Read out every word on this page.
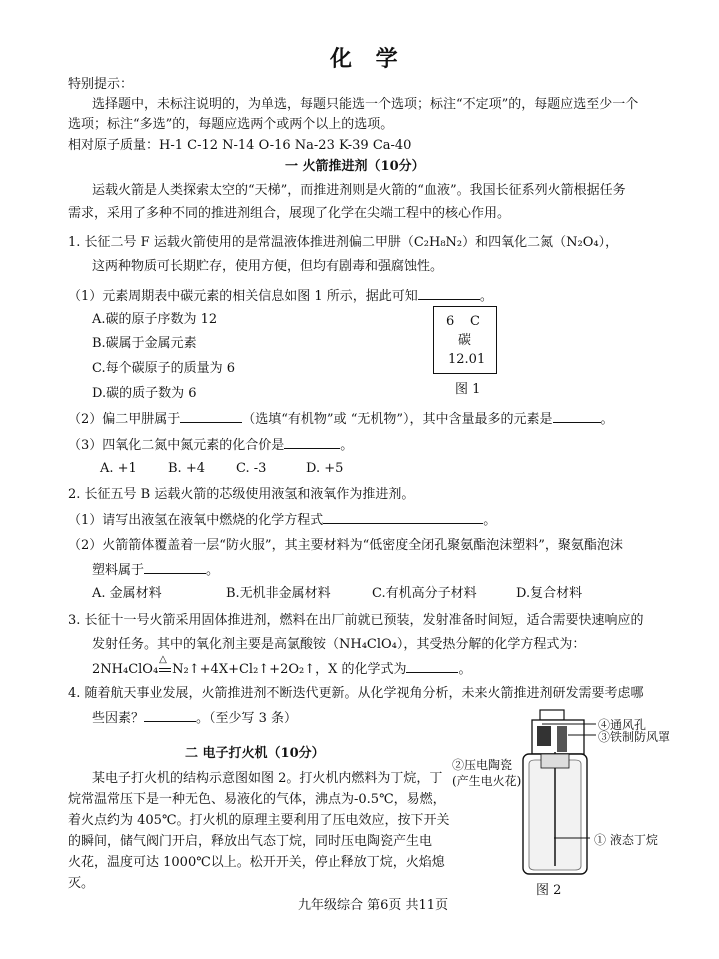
化 学
特别提示：
选择题中，未标注说明的，为单选，每题只能选一个选项；标注“不定项”的，每题应选至少一个
选项；标注“多选”的，每题应选两个或两个以上的选项。
相对原子质量：H-1 C-12 N-14 O-16 Na-23 K-39 Ca-40
一 火箭推进剂（10分）
运载火箭是人类探索太空的“天梯”，而推进剂则是火箭的“血液”。我国长征系列火箭根据任务
需求，采用了多种不同的推进剂组合，展现了化学在尖端工程中的核心作用。
1. 长征二号 F 运载火箭使用的是常温液体推进剂偏二甲肼（C₂H₈N₂）和四氧化二氮（N₂O₄），
这两种物质可长期贮存，使用方便，但均有剧毒和强腐蚀性。
（1）元素周期表中碳元素的相关信息如图 1 所示，据此可知	。
A.碳的原子序数为 12
B.碳属于金属元素
C.每个碳原子的质量为 6
D.碳的质子数为 6
6 C
碳
12.01
图 1
（2）偏二甲肼属于	（选填“有机物”或 “无机物”），其中含量最多的元素是	。
（3）四氧化二氮中氮元素的化合价是	。
A. +1 B. +4 C. -3	D. +5
2. 长征五号 B 运载火箭的芯级使用液氢和液氧作为推进剂。
（1）请写出液氢在液氧中燃烧的化学方程式	。
（2）火箭箭体覆盖着一层“防火服”，其主要材料为“低密度全闭孔聚氨酯泡沫塑料”，聚氨酯泡沫
塑料属于	。
A. 金属材料	B.无机非金属材料	C.有机高分子材料	D.复合材料
3. 长征十一号火箭采用固体推进剂，燃料在出厂前就已预装，发射准备时间短，适合需要快速响应的
发射任务。其中的氧化剂主要是高氯酸铵（NH₄ClO₄），其受热分解的化学方程式为：
2NH₄ClO₄
△
N₂↑+4X+Cl₂↑+2O₂↑，X 的化学式为	。
4. 随着航天事业发展，火箭推进剂不断迭代更新。从化学视角分析，未来火箭推进剂研发需要考虑哪
些因素？	。（至少写 3 条）
二 电子打火机（10分）
某电子打火机的结构示意图如图 2。打火机内燃料为丁烷，丁
烷常温常压下是一种无色、易液化的气体，沸点为-0.5℃，易燃，
着火点约为 405℃。打火机的原理主要利用了压电效应，按下开关
的瞬间，储气阀门开启，释放出气态丁烷，同时压电陶瓷产生电
火花，温度可达 1000℃以上。松开开关，停止释放丁烷，火焰熄
灭。
④通风孔
③铁制防风罩
②压电陶瓷
(产生电火花)
① 液态丁烷
图 2
九年级综合 第6页 共11页
